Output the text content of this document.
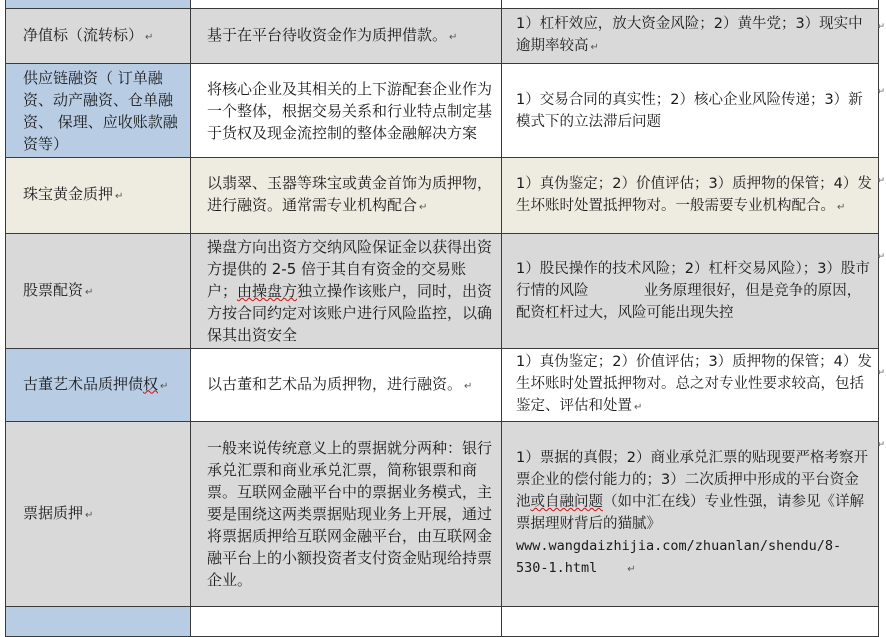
净值标（流转标） ↵	基于在平台待收资金作为质押借款。 ↵	1）杠杆效应，放大资金风险；2）黄牛党；3）现实中逾期率较高 ↵
供应链融资（ 订单融资、动产融资、仓单融资、 保理、应收账款融资等）	将核心企业及其相关的上下游配套企业作为一个整体，根据交易关系和行业特点制定基于货权及现金流控制的整体金融解决方案	1）交易合同的真实性；2）核心企业风险传递；3）新模式下的立法滞后问题
珠宝黄金质押 ↵	以翡翠、玉器等珠宝或黄金首饰为质押物，进行融资。通常需专业机构配合 ↵	1）真伪鉴定；2）价值评估；3）质押物的保管；4）发生坏账时处置抵押物对。一般需要专业机构配合。 ↵
股票配资 ↵	操盘方向出资方交纳风险保证金以获得出资方提供的 2-5 倍于其自有资金的交易账户；由操盘方独立操作该账户，同时，出资方按合同约定对该账户进行风险监控，以确保其出资安全	1）股民操作的技术风险；2）杠杆交易风险）；3）股市行情的风险            业务原理很好，但是竞争的原因，配资杠杆过大，风险可能出现失控
古董艺术品质押债权 ↵	以古董和艺术品为质押物，进行融资。 ↵	1）真伪鉴定；2）价值评估；3）质押物的保管；4）发生坏账时处置抵押物对。总之对专业性要求较高，包括鉴定、评估和处置 ↵
票据质押 ↵	一般来说传统意义上的票据就分两种：银行承兑汇票和商业承兑汇票，简称银票和商票。互联网金融平台中的票据业务模式，主要是围绕这两类票据贴现业务上开展，通过将票据质押给互联网金融平台，由互联网金融平台上的小额投资者支付资金贴现给持票企业。	1）票据的真假；2）商业承兑汇票的贴现要严格考察开票企业的偿付能力的；3）二次质押中形成的平台资金池或自融问题（如中汇在线）专业性强，请参见《详解票据理财背后的猫腻》
www.wangdaizhijia.com/zhuanlan/shendu/8-530-1.html ↵

↵
↵
↵
↵
↵
↵
